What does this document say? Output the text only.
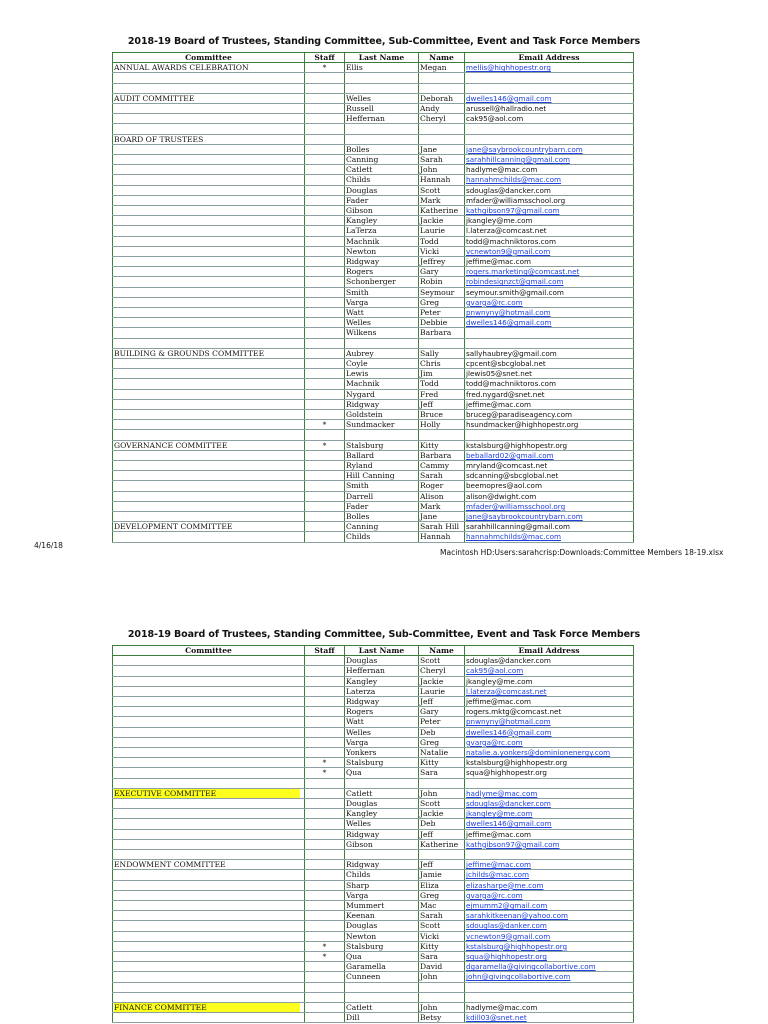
2018-19 Board of Trustees, Standing Committee, Sub-Committee, Event and Task Force Members
Committee	Staff	Last Name	Name	Email Address
ANNUAL AWARDS CELEBRATION	*	Ellis	Megan	mellis@highhopestr.org

AUDIT COMMITTEE		Welles	Deborah	dwelles146@gmail.com
		Russell	Andy	arussell@hallradio.net
		Heffernan	Cheryl	cak95@aol.com

BOARD OF TRUSTEES				
		Bolles	Jane	jane@saybrookcountrybarn.com
		Canning	Sarah	sarahhillcanning@gmail.com
		Catlett	John	hadlyme@mac.com
		Childs	Hannah	hannahmchilds@mac.com
		Douglas	Scott	sdouglas@dancker.com
		Fader	Mark	mfader@williamsschool.org
		Gibson	Katherine	kathgibson97@gmail.com
		Kangley	Jackie	jkangley@me.com
		LaTerza	Laurie	l.laterza@comcast.net
		Machnik	Todd	todd@machniktoros.com
		Newton	Vicki	vcnewton9@gmail.com
		Ridgway	Jeffrey	jeffime@mac.com
		Rogers	Gary	rogers.marketing@comcast.net
		Schonberger	Robin	robindesignzct@gmail.com
		Smith	Seymour	seymour.smith@gmail.com
		Varga	Greg	gvarga@rc.com
		Watt	Peter	pnwnyny@hotmail.com
		Welles	Debbie	dwelles146@gmail.com
		Wilkens	Barbara	

BUILDING & GROUNDS COMMITTEE		Aubrey	Sally	sallyhaubrey@gmail.com
		Coyle	Chris	cpcent@sbcglobal.net
		Lewis	Jim	jlewis05@snet.net
		Machnik	Todd	todd@machniktoros.com
		Nygard	Fred	fred.nygard@snet.net
		Ridgway	Jeff	jeffime@mac.com
		Goldstein	Bruce	bruceg@paradiseagency.com
	*	Sundmacker	Holly	hsundmacker@highhopestr.org

GOVERNANCE COMMITTEE	*	Stalsburg	Kitty	kstalsburg@highhopestr.org
		Ballard	Barbara	beballard02@gmail.com
		Ryland	Cammy	mryland@comcast.net
		Hill Canning	Sarah	sdcanning@sbcglobal.net
		Smith	Roger	beemopres@aol.com
		Darrell	Alison	alison@dwight.com
		Fader	Mark	mfader@williamsschool.org
		Bolles	Jane	jane@saybrookcountrybarn.com
DEVELOPMENT COMMITTEE		Canning	Sarah Hill	sarahhillcanning@gmail.com
		Childs	Hannah	hannahmchilds@mac.com
4/16/18
Macintosh HD:Users:sarahcrisp:Downloads:Committee Members 18-19.xlsx
2018-19 Board of Trustees, Standing Committee, Sub-Committee, Event and Task Force Members
Committee	Staff	Last Name	Name	Email Address
		Douglas	Scott	sdouglas@dancker.com
		Heffernan	Cheryl	cak95@aol.com
		Kangley	Jackie	jkangley@me.com
		Laterza	Laurie	l.laterza@comcast.net
		Ridgway	Jeff	jeffime@mac.com
		Rogers	Gary	rogers.mktg@comcast.net
		Watt	Peter	pnwnyny@hotmail.com
		Welles	Deb	dwelles146@gmail.com
		Varga	Greg	gvarga@rc.com
		Yonkers	Natalie	natalie.a.yonkers@dominionenergy.com
	*	Stalsburg	Kitty	kstalsburg@highhopestr.org
	*	Qua	Sara	squa@highhopestr.org

EXECUTIVE COMMITTEE		Catlett	John	hadlyme@mac.com
		Douglas	Scott	sdouglas@dancker.com
		Kangley	Jackie	jkangley@me.com
		Welles	Deb	dwelles146@gmail.com
		Ridgway	Jeff	jeffime@mac.com
		Gibson	Katherine	kathgibson97@gmail.com

ENDOWMENT COMMITTEE		Ridgway	Jeff	jeffime@mac.com
		Childs	Jamie	jchilds@mac.com
		Sharp	Eliza	elizasharpe@me.com
		Varga	Greg	gvarga@rc.com
		Mummert	Mac	ejmumm2@gmail.com
		Keenan	Sarah	sarahkitkeenan@yahoo.com
		Douglas	Scott	sdouglas@danker.com
		Newton	Vicki	vcnewton9@gmail.com
	*	Stalsburg	Kitty	kstalsburg@highhopestr.org
	*	Qua	Sara	squa@highhopestr.org
		Garamella	David	dgaramella@givingcollabortive.com
		Cunneen	John	john@givingcollabortive.com

FINANCE COMMITTEE		Catlett	John	hadlyme@mac.com
		Dill	Betsy	kdill03@snet.net
